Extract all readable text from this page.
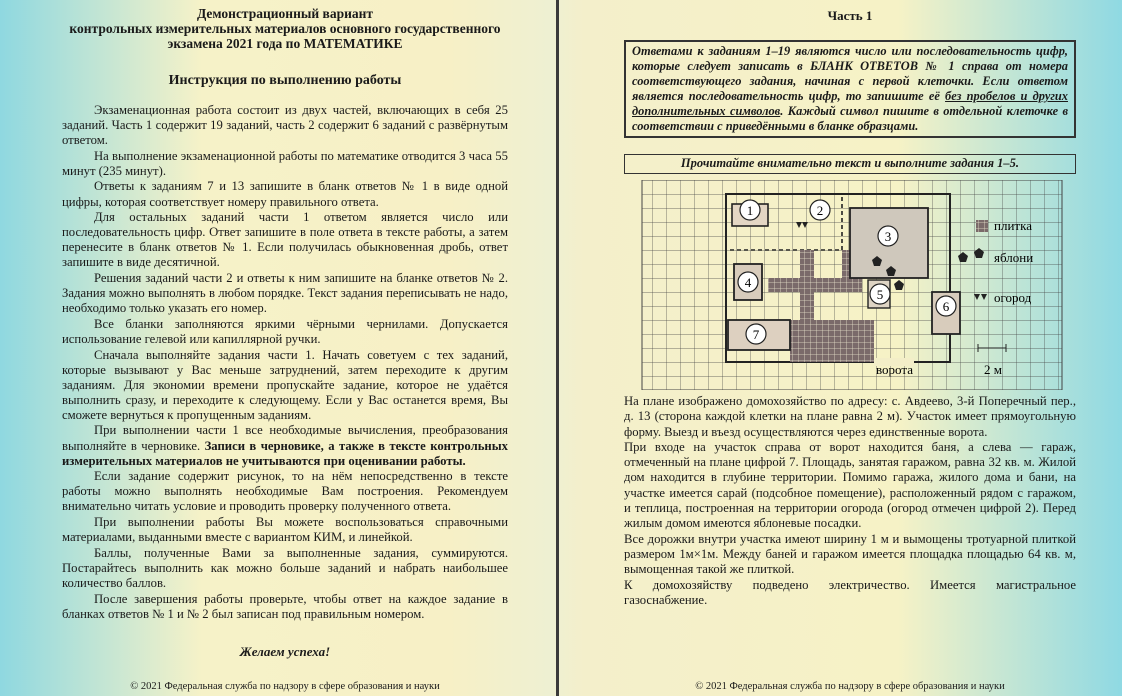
Демонстрационный вариант
контрольных измерительных материалов основного государственного
экзамена 2021 года по МАТЕМАТИКЕ
Инструкция по выполнению работы

Экзаменационная работа состоит из двух частей, включающих в себя 25 заданий. Часть 1 содержит 19 заданий, часть 2 содержит 6 заданий с развёрнутым ответом.

На выполнение экзаменационной работы по математике отводится 3 часа 55 минут (235 минут).

Ответы к заданиям 7 и 13 запишите в бланк ответов № 1 в виде одной цифры, которая соответствует номеру правильного ответа.

Для остальных заданий части 1 ответом является число или последовательность цифр. Ответ запишите в поле ответа в тексте работы, а затем перенесите в бланк ответов № 1. Если получилась обыкновенная дробь, ответ запишите в виде десятичной.

Решения заданий части 2 и ответы к ним запишите на бланке ответов № 2. Задания можно выполнять в любом порядке. Текст задания переписывать не надо, необходимо только указать его номер.

Все бланки заполняются яркими чёрными чернилами. Допускается использование гелевой или капиллярной ручки.

Сначала выполняйте задания части 1. Начать советуем с тех заданий, которые вызывают у Вас меньше затруднений, затем переходите к другим заданиям. Для экономии времени пропускайте задание, которое не удаётся выполнить сразу, и переходите к следующему. Если у Вас останется время, Вы сможете вернуться к пропущенным заданиям.

При выполнении части 1 все необходимые вычисления, преобразования выполняйте в черновике. Записи в черновике, а также в тексте контрольных измерительных материалов не учитываются при оценивании работы.

Если задание содержит рисунок, то на нём непосредственно в тексте работы можно выполнять необходимые Вам построения. Рекомендуем внимательно читать условие и проводить проверку полученного ответа.

При выполнении работы Вы можете воспользоваться справочными материалами, выданными вместе с вариантом КИМ, и линейкой.

Баллы, полученные Вами за выполненные задания, суммируются. Постарайтесь выполнить как можно больше заданий и набрать наибольшее количество баллов.

После завершения работы проверьте, чтобы ответ на каждое задание в бланках ответов № 1 и № 2 был записан под правильным номером.

Желаем успеха!
© 2021 Федеральная служба по надзору в сфере образования и науки
Часть 1
Ответами к заданиям 1–19 являются число или последовательность цифр, которые следует записать в БЛАНК ОТВЕТОВ № 1 справа от номера соответствующего задания, начиная с первой клеточки. Если ответом является последовательность цифр, то запишите её без пробелов и других дополнительных символов. Каждый символ пишите в отдельной клеточке в соответствии с приведёнными в бланке образцами.
Прочитайте внимательно текст и выполните задания 1–5.
1	2
3
4
5
6
7
плитка
яблони
огород
ворота	2 м

На плане изображено домохозяйство по адресу: с. Авдеево, 3-й Поперечный пер., д. 13 (сторона каждой клетки на плане равна 2 м). Участок имеет прямоугольную форму. Выезд и въезд осуществляются через единственные ворота.

При входе на участок справа от ворот находится баня, а слева — гараж, отмеченный на плане цифрой 7. Площадь, занятая гаражом, равна 32 кв. м. Жилой дом находится в глубине территории. Помимо гаража, жилого дома и бани, на участке имеется сарай (подсобное помещение), расположенный рядом с гаражом, и теплица, построенная на территории огорода (огород отмечен цифрой 2). Перед жилым домом имеются яблоневые посадки.

Все дорожки внутри участка имеют ширину 1 м и вымощены тротуарной плиткой размером 1м×1м. Между баней и гаражом имеется площадка площадью 64 кв. м, вымощенная такой же плиткой.

К домохозяйству подведено электричество. Имеется магистральное газоснабжение.

© 2021 Федеральная служба по надзору в сфере образования и науки
